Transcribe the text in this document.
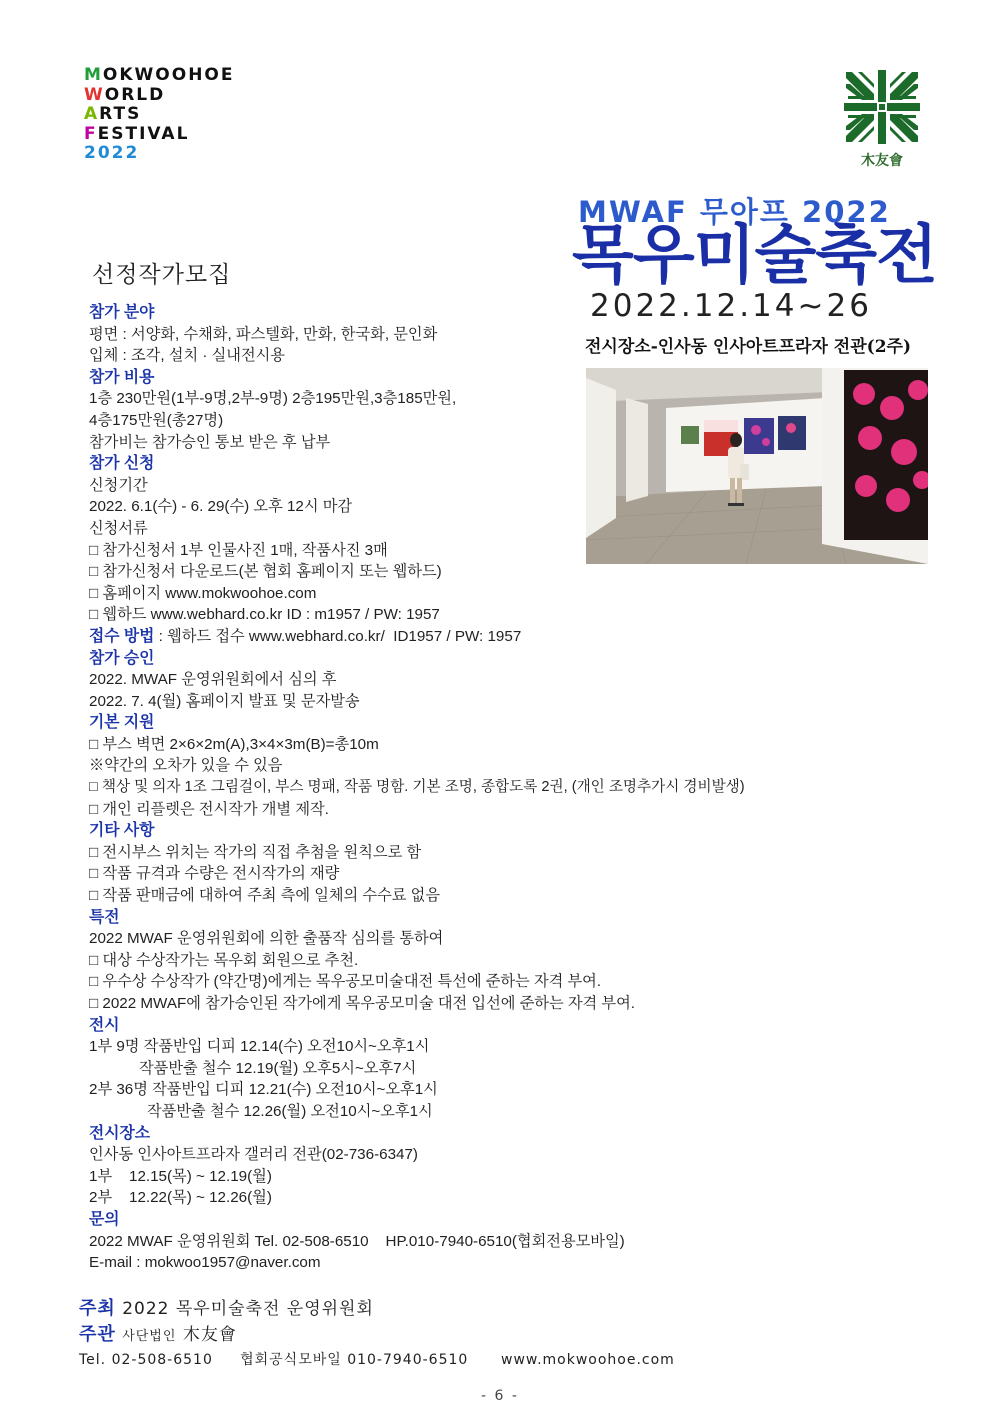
MOKWOOHOE
WORLD
ARTS
FESTIVAL
2022	木友會
MWAF 무아프 2022
목우미술축전
2022.12.14~26
전시장소-인사동 인사아트프라자 전관(2주)
선정작가모집
참가 분야
평면 : 서양화, 수채화, 파스텔화, 만화, 한국화, 문인화
입체 : 조각, 설치 · 실내전시용
참가 비용
1층 230만원(1부-9명,2부-9명) 2층195만원,3층185만원,
4층175만원(총27명)
참가비는 참가승인 통보 받은 후 납부
참가 신청
신청기간
2022. 6.1(수) - 6. 29(수) 오후 12시 마감
신청서류
□ 참가신청서 1부 인물사진 1매, 작품사진 3매
□ 참가신청서 다운로드(본 협회 홈페이지 또는 웹하드)
□ 홈페이지 www.mokwoohoe.com
□ 웹하드 www.webhard.co.kr ID : m1957 / PW: 1957
접수 방법 : 웹하드 접수 www.webhard.co.kr/  ID1957 / PW: 1957
참가 승인
2022. MWAF 운영위원회에서 심의 후
2022. 7. 4(월) 홈페이지 발표 및 문자발송
기본 지원
□ 부스 벽면 2×6×2m(A),3×4×3m(B)=총10m
※약간의 오차가 있을 수 있음
□ 책상 및 의자 1조 그림걸이, 부스 명패, 작품 명함. 기본 조명, 종합도록 2권, (개인 조명추가시 경비발생)
□ 개인 리플렛은 전시작가 개별 제작.
기타 사항
□ 전시부스 위치는 작가의 직접 추첨을 원칙으로 함
□ 작품 규격과 수량은 전시작가의 재량
□ 작품 판매금에 대하여 주최 측에 일체의 수수료 없음
특전
2022 MWAF 운영위원회에 의한 출품작 심의를 통하여
□ 대상 수상작가는 목우회 회원으로 추천.
□ 우수상 수상작가 (약간명)에게는 목우공모미술대전 특선에 준하는 자격 부여.
□ 2022 MWAF에 참가승인된 작가에게 목우공모미술 대전 입선에 준하는 자격 부여.
전시
1부 9명 작품반입 디피 12.14(수) 오전10시~오후1시
작품반출 철수 12.19(월) 오후5시~오후7시
2부 36명 작품반입 디피 12.21(수) 오전10시~오후1시
작품반출 철수 12.26(월) 오전10시~오후1시
전시장소
인사동 인사아트프라자 갤러리 전관(02-736-6347)
1부    12.15(목) ~ 12.19(월)
2부    12.22(목) ~ 12.26(월)
문의
2022 MWAF 운영위원회 Tel. 02-508-6510    HP.010-7940-6510(협회전용모바일)
E-mail : mokwoo1957@naver.com
주최 2022 목우미술축전 운영위원회
주관 사단법인 木友會
Tel. 02-508-6510     협회공식모바일 010-7940-6510      www.mokwoohoe.com
- 6 -
